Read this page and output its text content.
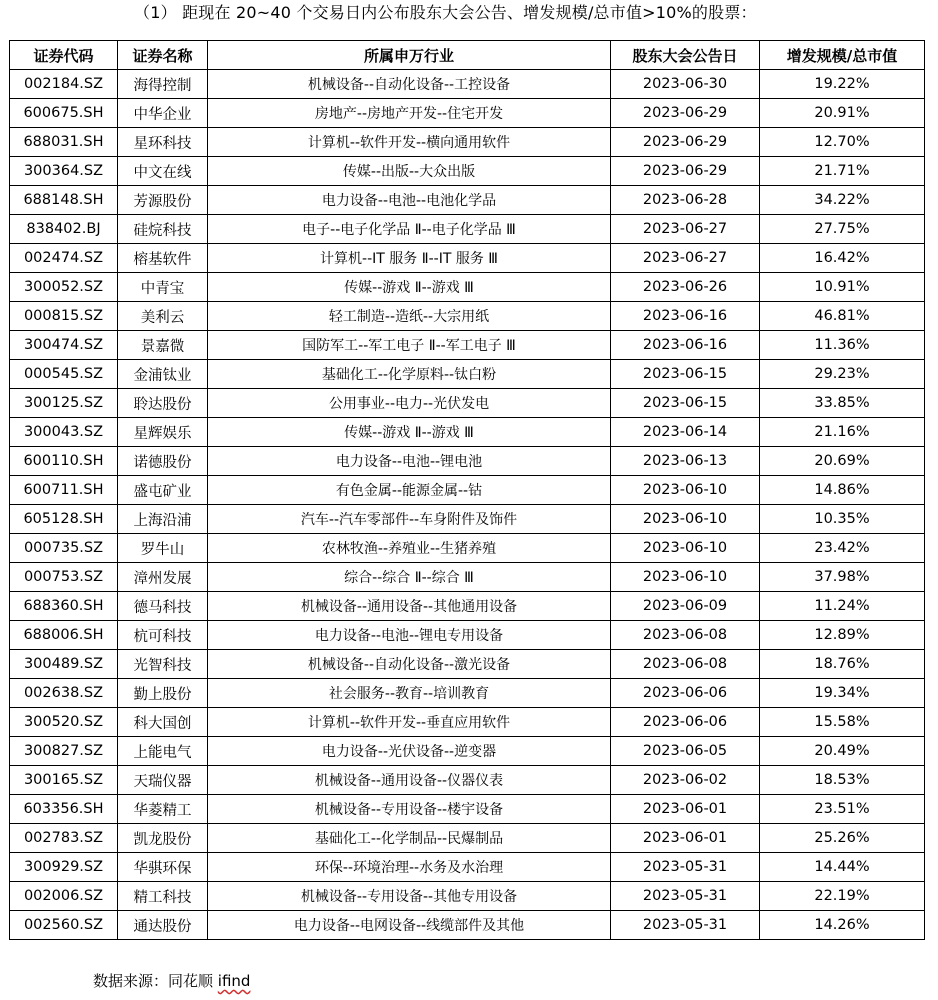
（1） 距现在 20~40 个交易日内公布股东大会公告、增发规模/总市值>10%的股票：
证券代码	证券名称	所属申万行业	股东大会公告日	增发规模/总市值
002184.SZ	海得控制	机械设备--自动化设备--工控设备	2023-06-30	19.22%
600675.SH	中华企业	房地产--房地产开发--住宅开发	2023-06-29	20.91%
688031.SH	星环科技	计算机--软件开发--横向通用软件	2023-06-29	12.70%
300364.SZ	中文在线	传媒--出版--大众出版	2023-06-29	21.71%
688148.SH	芳源股份	电力设备--电池--电池化学品	2023-06-28	34.22%
838402.BJ	硅烷科技	电子--电子化学品 Ⅱ--电子化学品 Ⅲ	2023-06-27	27.75%
002474.SZ	榕基软件	计算机--IT 服务 Ⅱ--IT 服务 Ⅲ	2023-06-27	16.42%
300052.SZ	中青宝	传媒--游戏 Ⅱ--游戏 Ⅲ	2023-06-26	10.91%
000815.SZ	美利云	轻工制造--造纸--大宗用纸	2023-06-16	46.81%
300474.SZ	景嘉微	国防军工--军工电子 Ⅱ--军工电子 Ⅲ	2023-06-16	11.36%
000545.SZ	金浦钛业	基础化工--化学原料--钛白粉	2023-06-15	29.23%
300125.SZ	聆达股份	公用事业--电力--光伏发电	2023-06-15	33.85%
300043.SZ	星辉娱乐	传媒--游戏 Ⅱ--游戏 Ⅲ	2023-06-14	21.16%
600110.SH	诺德股份	电力设备--电池--锂电池	2023-06-13	20.69%
600711.SH	盛屯矿业	有色金属--能源金属--钴	2023-06-10	14.86%
605128.SH	上海沿浦	汽车--汽车零部件--车身附件及饰件	2023-06-10	10.35%
000735.SZ	罗牛山	农林牧渔--养殖业--生猪养殖	2023-06-10	23.42%
000753.SZ	漳州发展	综合--综合 Ⅱ--综合 Ⅲ	2023-06-10	37.98%
688360.SH	德马科技	机械设备--通用设备--其他通用设备	2023-06-09	11.24%
688006.SH	杭可科技	电力设备--电池--锂电专用设备	2023-06-08	12.89%
300489.SZ	光智科技	机械设备--自动化设备--激光设备	2023-06-08	18.76%
002638.SZ	勤上股份	社会服务--教育--培训教育	2023-06-06	19.34%
300520.SZ	科大国创	计算机--软件开发--垂直应用软件	2023-06-06	15.58%
300827.SZ	上能电气	电力设备--光伏设备--逆变器	2023-06-05	20.49%
300165.SZ	天瑞仪器	机械设备--通用设备--仪器仪表	2023-06-02	18.53%
603356.SH	华菱精工	机械设备--专用设备--楼宇设备	2023-06-01	23.51%
002783.SZ	凯龙股份	基础化工--化学制品--民爆制品	2023-06-01	25.26%
300929.SZ	华骐环保	环保--环境治理--水务及水治理	2023-05-31	14.44%
002006.SZ	精工科技	机械设备--专用设备--其他专用设备	2023-05-31	22.19%
002560.SZ	通达股份	电力设备--电网设备--线缆部件及其他	2023-05-31	14.26%
数据来源：同花顺 ifind
